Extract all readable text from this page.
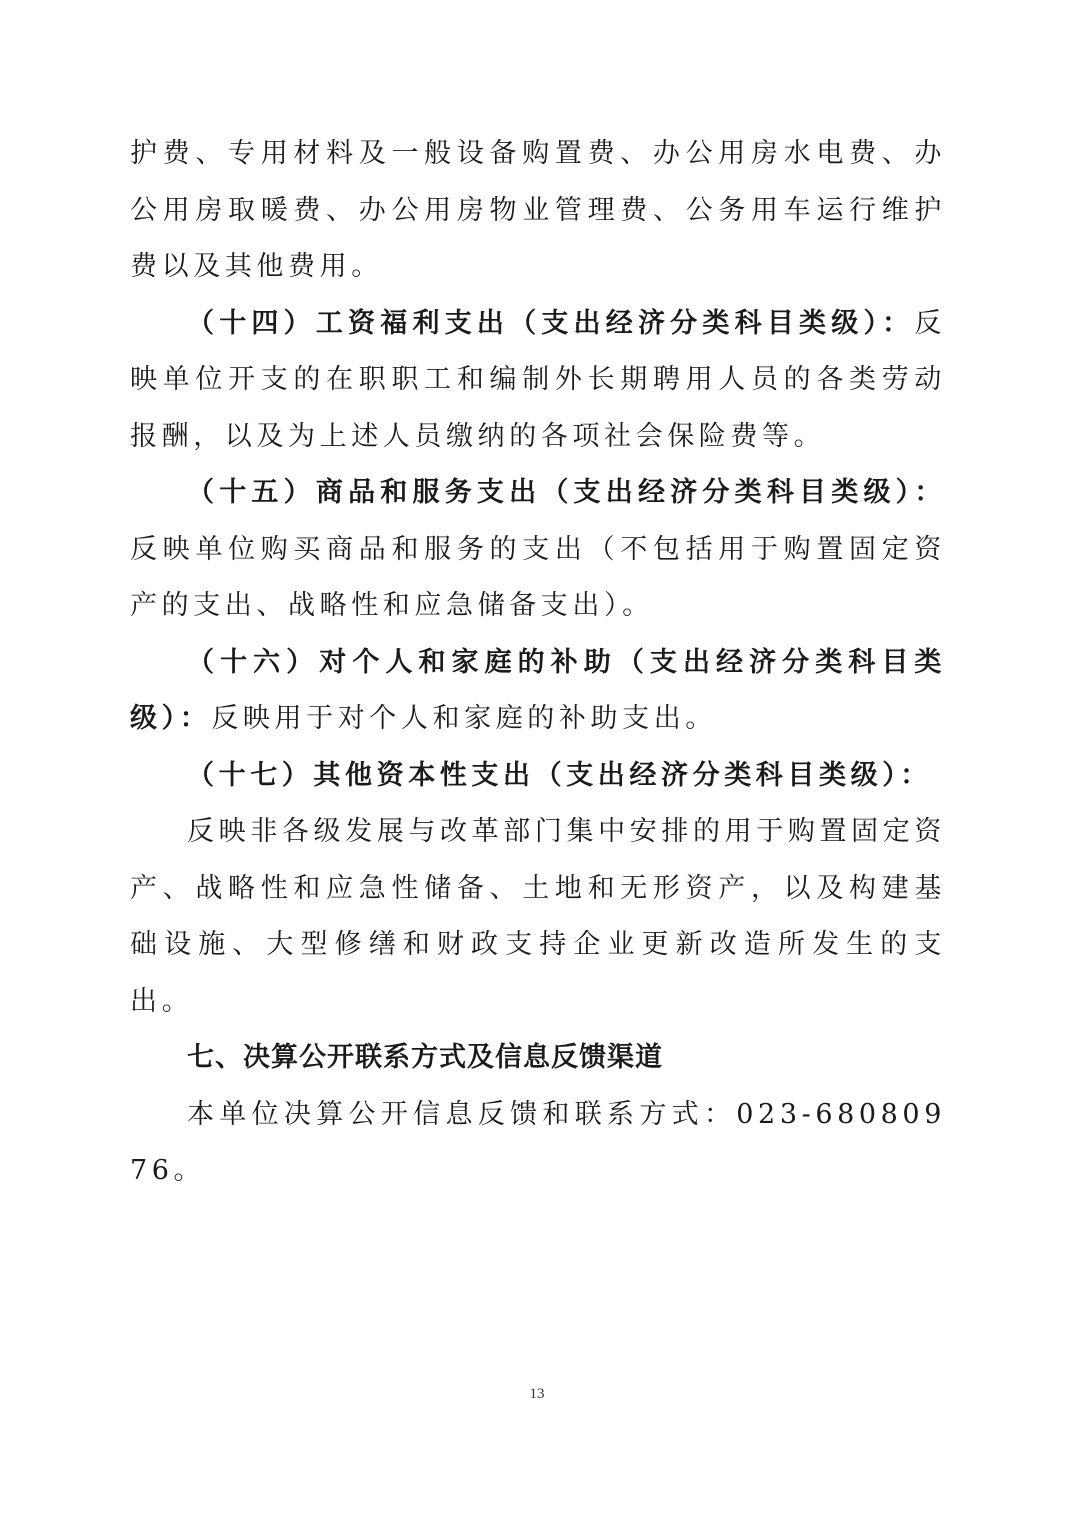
护费、专用材料及一般设备购置费、办公用房水电费、办公用房取暖费、办公用房物业管理费、公务用车运行维护费以及其他费用。

（十四）工资福利支出（支出经济分类科目类级）：反映单位开支的在职职工和编制外长期聘用人员的各类劳动报酬，以及为上述人员缴纳的各项社会保险费等。

（十五）商品和服务支出（支出经济分类科目类级）：反映单位购买商品和服务的支出（不包括用于购置固定资产的支出、战略性和应急储备支出）。

（十六）对个人和家庭的补助（支出经济分类科目类级）：反映用于对个人和家庭的补助支出。

（十七）其他资本性支出（支出经济分类科目类级）：

反映非各级发展与改革部门集中安排的用于购置固定资产、战略性和应急性储备、土地和无形资产，以及构建基础设施、大型修缮和财政支持企业更新改造所发生的支出。

七、决算公开联系方式及信息反馈渠道

本单位决算公开信息反馈和联系方式：023-68080976。

13
